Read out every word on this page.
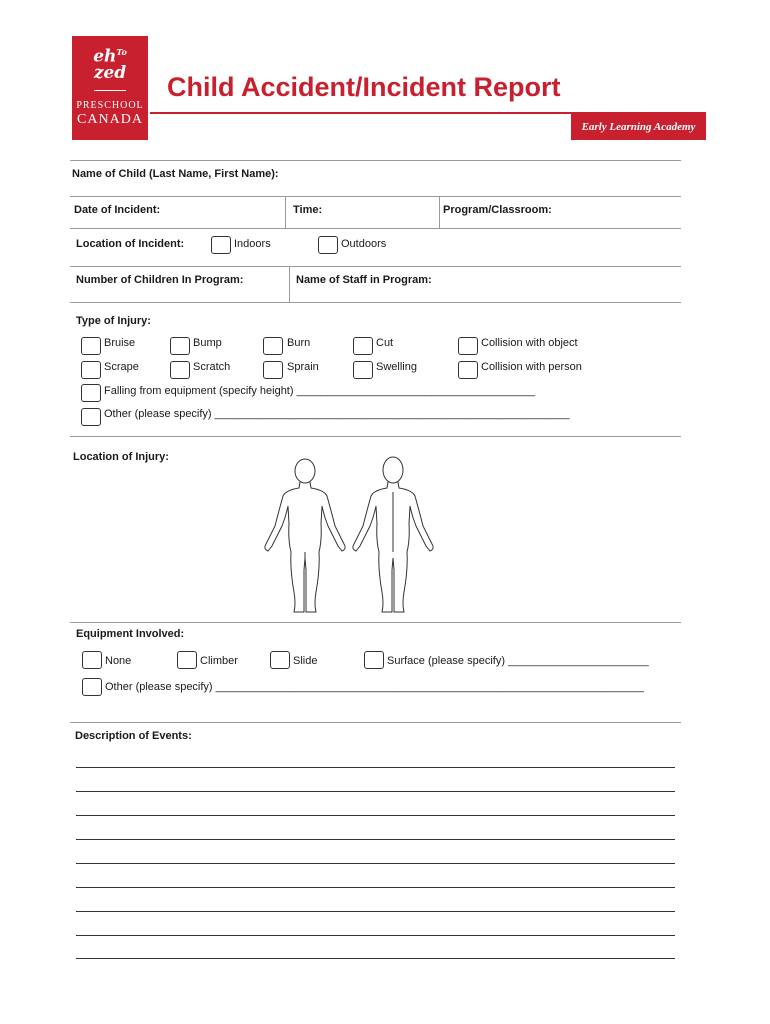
$eh^{To}$
zed
PRESCHOOL
CANADA
Child Accident/Incident Report
Early Learning Academy
Name of Child (Last Name, First Name):
Date of Incident:	Time:	Program/Classroom:
Location of Incident:	Indoors	Outdoors
Number of Children In Program:	Name of Staff in Program:
Type of Injury:
Bruise	Bump	Burn	Cut	Collision with object
Scrape	Scratch	Sprain	Swelling	Collision with person
Falling from equipment (specify height) _______________________________________
Other (please specify) __________________________________________________________
Location of Injury:
Equipment Involved:
None	Climber	Slide	Surface (please specify) _______________________
Other (please specify) ______________________________________________________________________
Description of Events:
